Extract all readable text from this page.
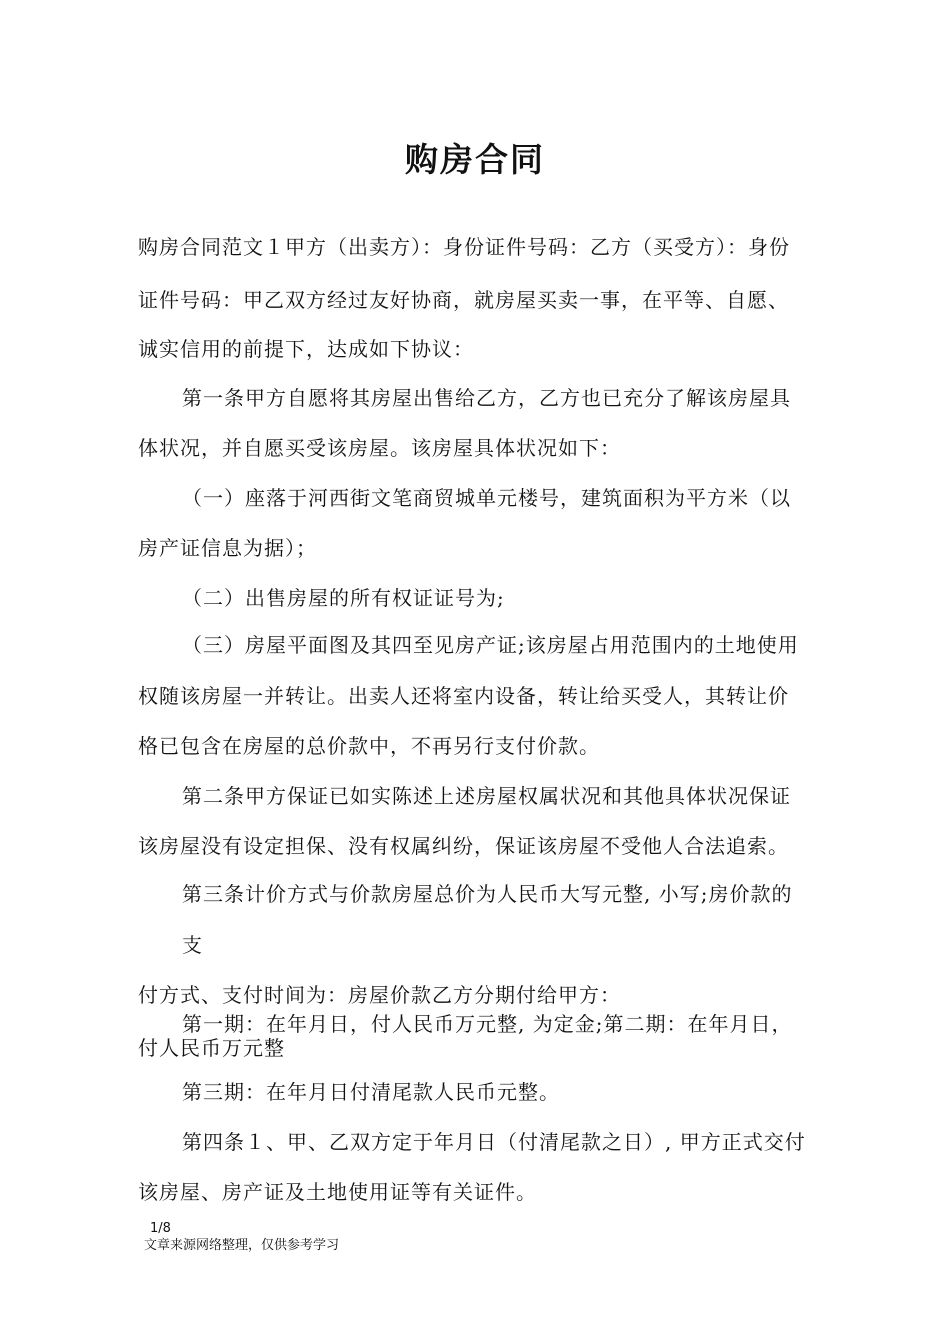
购房合同
购房合同范文１甲方（出卖方）：身份证件号码：乙方（买受方）：身份
证件号码：甲乙双方经过友好协商，就房屋买卖一事，在平等、自愿、
诚实信用的前提下，达成如下协议：
第一条甲方自愿将其房屋出售给乙方，乙方也已充分了解该房屋具
体状况，并自愿买受该房屋。该房屋具体状况如下：
（一）座落于河西街文笔商贸城单元楼号，建筑面积为平方米（以
房产证信息为据）；
（二）出售房屋的所有权证证号为;
（三）房屋平面图及其四至见房产证;该房屋占用范围内的土地使用
权随该房屋一并转让。出卖人还将室内设备，转让给买受人，其转让价
格已包含在房屋的总价款中，不再另行支付价款。
第二条甲方保证已如实陈述上述房屋权属状况和其他具体状况保证
该房屋没有设定担保、没有权属纠纷，保证该房屋不受他人合法追索。
第三条计价方式与价款房屋总价为人民币大写元整, 小写;房价款的
支
付方式、支付时间为：房屋价款乙方分期付给甲方：
第一期：在年月日，付人民币万元整, 为定金;第二期：在年月日，
付人民币万元整
第三期：在年月日付清尾款人民币元整。
第四条１、甲、乙双方定于年月日（付清尾款之日）, 甲方正式交付
该房屋、房产证及土地使用证等有关证件。
1/8
文章来源网络整理，仅供参考学习
